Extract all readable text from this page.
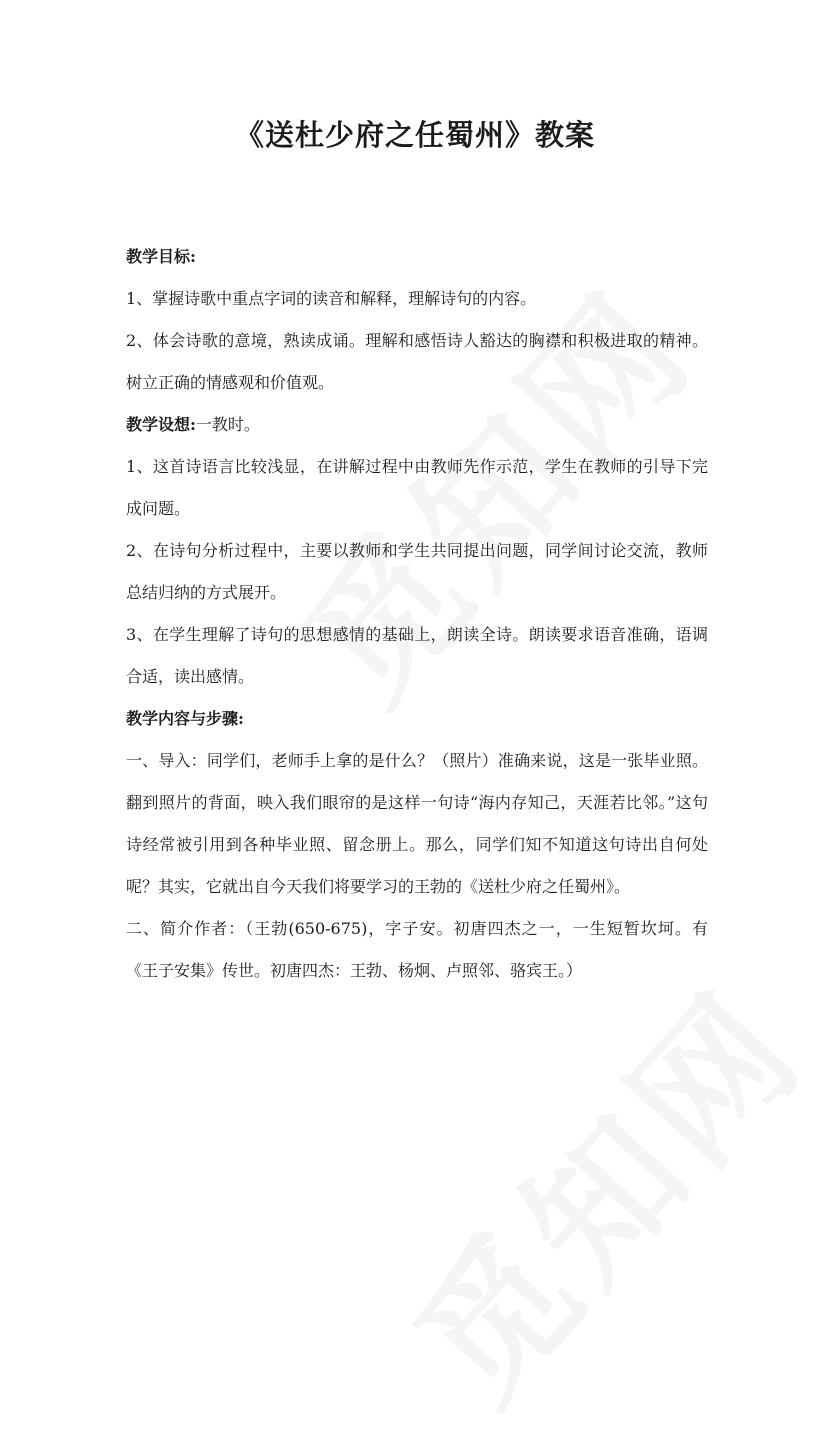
《送杜少府之任蜀州》教案

教学目标:

1、掌握诗歌中重点字词的读音和解释，理解诗句的内容。

2、体会诗歌的意境，熟读成诵。理解和感悟诗人豁达的胸襟和积极进取的精神。树立正确的情感观和价值观。

教学设想:一教时。

1、这首诗语言比较浅显，在讲解过程中由教师先作示范，学生在教师的引导下完成问题。

2、在诗句分析过程中，主要以教师和学生共同提出问题，同学间讨论交流，教师总结归纳的方式展开。

3、在学生理解了诗句的思想感情的基础上，朗读全诗。朗读要求语音准确，语调合适，读出感情。

教学内容与步骤:

一、导入：同学们，老师手上拿的是什么？（照片）准确来说，这是一张毕业照。翻到照片的背面，映入我们眼帘的是这样一句诗“海内存知己，天涯若比邻。”这句诗经常被引用到各种毕业照、留念册上。那么，同学们知不知道这句诗出自何处呢？其实，它就出自今天我们将要学习的王勃的《送杜少府之任蜀州》。

二、简介作者：（王勃(650-675)，字子安。初唐四杰之一，一生短暂坎坷。有《王子安集》传世。初唐四杰：王勃、杨炯、卢照邻、骆宾王。）
